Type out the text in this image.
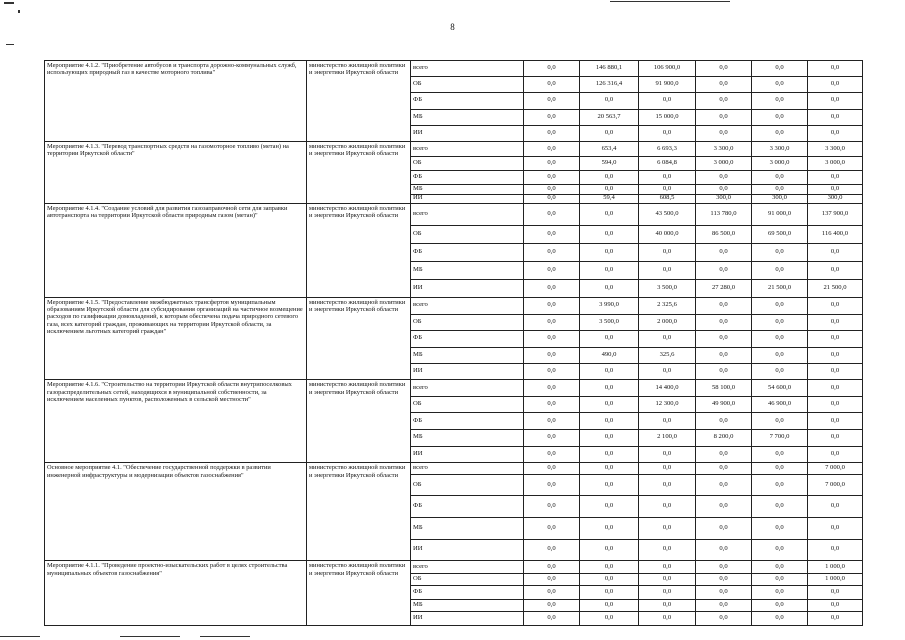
8
Мероприятие 4.1.2. "Приобретение автобусов и транспорта дорожно-коммунальных служб, использующих природный газ в качестве моторного топлива"	министерство жилищной политики и энергетики Иркутской области	всего	0,0	146 880,1	106 900,0	0,0	0,0	0,0
		ОБ	0,0	126 316,4	91 900,0	0,0	0,0	0,0
		ФБ	0,0	0,0	0,0	0,0	0,0	0,0
		МБ	0,0	20 563,7	15 000,0	0,0	0,0	0,0
		ИИ	0,0	0,0	0,0	0,0	0,0	0,0
Мероприятие 4.1.3. "Перевод транспортных средств на газомоторное топливо (метан) на территории Иркутской области"	министерство жилищной политики и энергетики Иркутской области	всего	0,0	653,4	6 693,3	3 300,0	3 300,0	3 300,0
		ОБ	0,0	594,0	6 084,8	3 000,0	3 000,0	3 000,0
		ФБ	0,0	0,0	0,0	0,0	0,0	0,0
		МБ	0,0	0,0	0,0	0,0	0,0	0,0
		ИИ	0,0	59,4	608,5	300,0	300,0	300,0
Мероприятие 4.1.4. "Создание условий для развития газозаправочной сети для заправки автотранспорта на территории Иркутской области природным газом (метан)"	министерство жилищной политики и энергетики Иркутской области	всего	0,0	0,0	43 500,0	113 780,0	91 000,0	137 900,0
		ОБ	0,0	0,0	40 000,0	86 500,0	69 500,0	116 400,0
		ФБ	0,0	0,0	0,0	0,0	0,0	0,0
		МБ	0,0	0,0	0,0	0,0	0,0	0,0
		ИИ	0,0	0,0	3 500,0	27 280,0	21 500,0	21 500,0
Мероприятие 4.1.5. "Предоставление межбюджетных трансфертов муниципальным образованиям Иркутской области для субсидирования организаций на частичное возмещение расходов по газификации домовладений, к которым обеспечена подача природного сетевого газа, всех категорий граждан, проживающих на территории Иркутской области, за исключением льготных категорий граждан"	министерство жилищной политики и энергетики Иркутской области	всего	0,0	3 990,0	2 325,6	0,0	0,0	0,0
		ОБ	0,0	3 500,0	2 000,0	0,0	0,0	0,0
		ФБ	0,0	0,0	0,0	0,0	0,0	0,0
		МБ	0,0	490,0	325,6	0,0	0,0	0,0
		ИИ	0,0	0,0	0,0	0,0	0,0	0,0
Мероприятие 4.1.6. "Строительство на территории Иркутской области внутрипоселковых газораспределительных сетей, находящихся в муниципальной собственности, за исключением населенных пунктов, расположенных в сельской местности"	министерство жилищной политики и энергетики Иркутской области	всего	0,0	0,0	14 400,0	58 100,0	54 600,0	0,0
		ОБ	0,0	0,0	12 300,0	49 900,0	46 900,0	0,0
		ФБ	0,0	0,0	0,0	0,0	0,0	0,0
		МБ	0,0	0,0	2 100,0	8 200,0	7 700,0	0,0
		ИИ	0,0	0,0	0,0	0,0	0,0	0,0
Основное мероприятие 4.1. "Обеспечение государственной поддержки в развитии инженерной инфраструктуры и модернизации объектов газоснабжения"	министерство жилищной политики и энергетики Иркутской области	всего	0,0	0,0	0,0	0,0	0,0	7 000,0
		ОБ	0,0	0,0	0,0	0,0	0,0	7 000,0
		ФБ	0,0	0,0	0,0	0,0	0,0	0,0
		МБ	0,0	0,0	0,0	0,0	0,0	0,0
		ИИ	0,0	0,0	0,0	0,0	0,0	0,0
Мероприятие 4.1.1. "Проведение проектно-изыскательских работ в целях строительства муниципальных объектов газоснабжения"	министерство жилищной политики и энергетики Иркутской области	всего	0,0	0,0	0,0	0,0	0,0	1 000,0
		ОБ	0,0	0,0	0,0	0,0	0,0	1 000,0
		ФБ	0,0	0,0	0,0	0,0	0,0	0,0
		МБ	0,0	0,0	0,0	0,0	0,0	0,0
		ИИ	0,0	0,0	0,0	0,0	0,0	0,0
